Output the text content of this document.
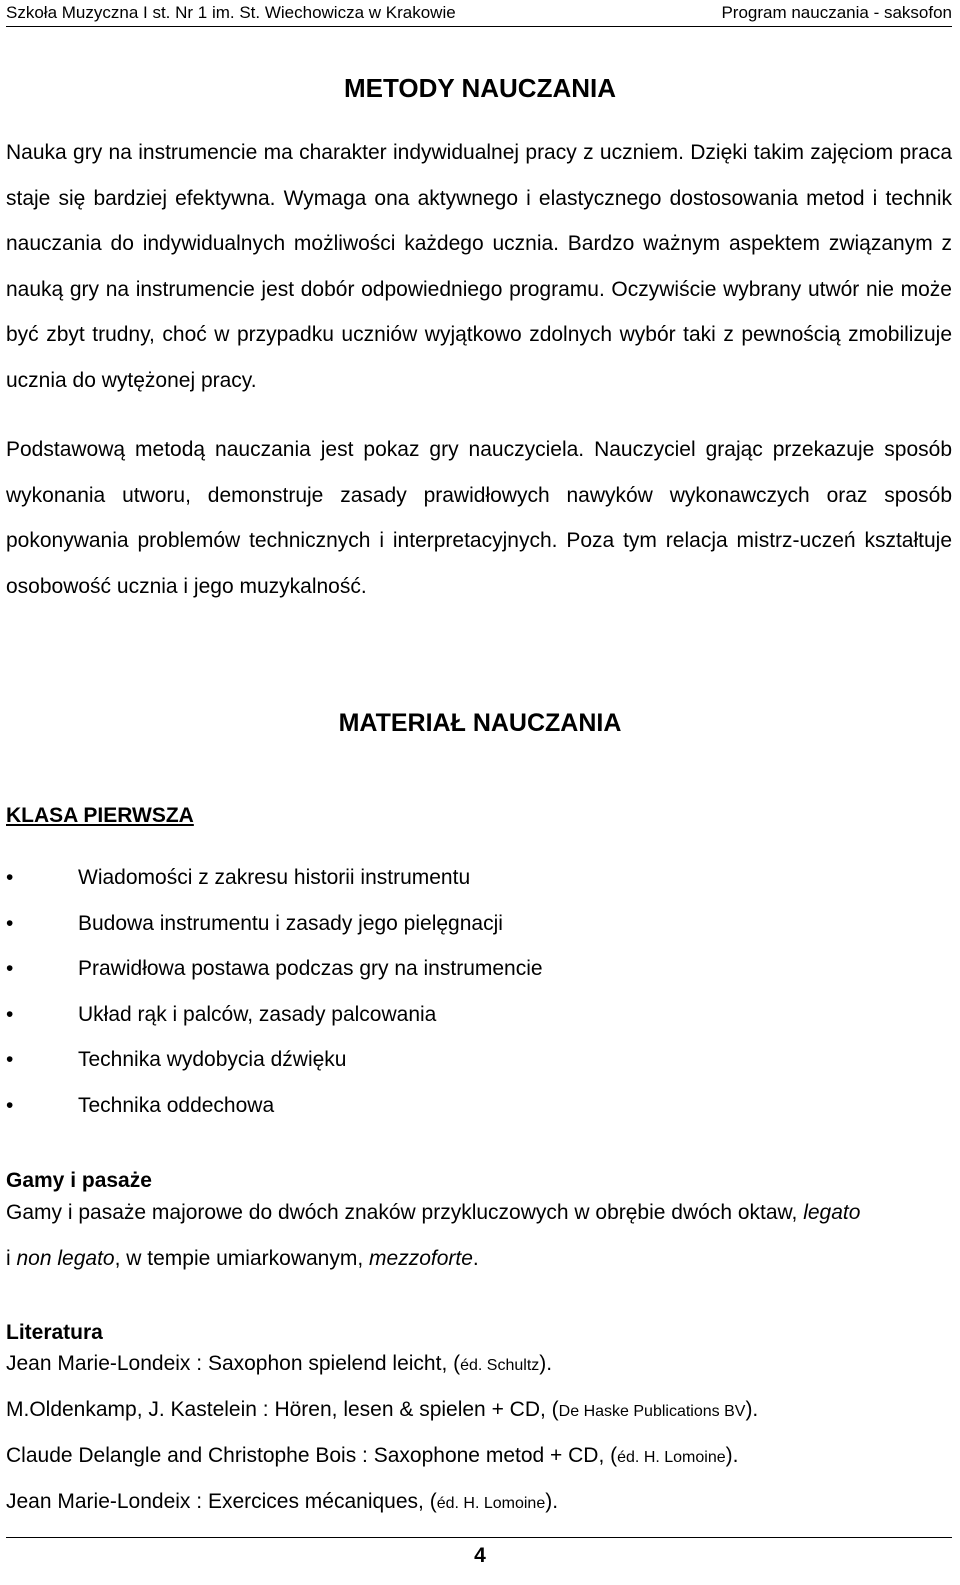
Szkoła Muzyczna I st. Nr 1 im. St. Wiechowicza w Krakowie	Program nauczania - saksofon
METODY NAUCZANIA

Nauka gry na instrumencie ma charakter indywidualnej pracy z uczniem. Dzięki takim zajęciom praca staje się bardziej efektywna. Wymaga ona aktywnego i elastycznego dostosowania metod i technik nauczania do indywidualnych możliwości każdego ucznia. Bardzo ważnym aspektem związanym z nauką gry na instrumencie jest dobór odpowiedniego programu. Oczywiście wybrany utwór nie może być zbyt trudny, choć w przypadku uczniów wyjątkowo zdolnych wybór taki z pewnością zmobilizuje ucznia do wytężonej pracy.

Podstawową metodą nauczania jest pokaz gry nauczyciela. Nauczyciel grając przekazuje sposób wykonania utworu, demonstruje zasady prawidłowych nawyków wykonawczych oraz sposób pokonywania problemów technicznych i interpretacyjnych. Poza tym relacja mistrz-uczeń kształtuje osobowość ucznia i jego muzykalność.

MATERIAŁ NAUCZANIA
KLASA PIERWSZA
•	Wiadomości z zakresu historii instrumentu
•	Budowa instrumentu i zasady jego pielęgnacji
•	Prawidłowa postawa podczas gry na instrumencie
•	Układ rąk i palców, zasady palcowania
•	Technika wydobycia dźwięku
•	Technika oddechowa
Gamy i pasaże

Gamy i pasaże majorowe do dwóch znaków przykluczowych w obrębie dwóch oktaw, legato
i non legato, w tempie umiarkowanym, mezzoforte.

Literatura

Jean Marie-Londeix : Saxophon spielend leicht, (éd. Schultz).

M.Oldenkamp, J. Kastelein : Hören, lesen & spielen + CD, (De Haske Publications BV).

Claude Delangle and Christophe Bois : Saxophone metod + CD, (éd. H. Lomoine).

Jean Marie-Londeix : Exercices mécaniques, (éd. H. Lomoine).

4
